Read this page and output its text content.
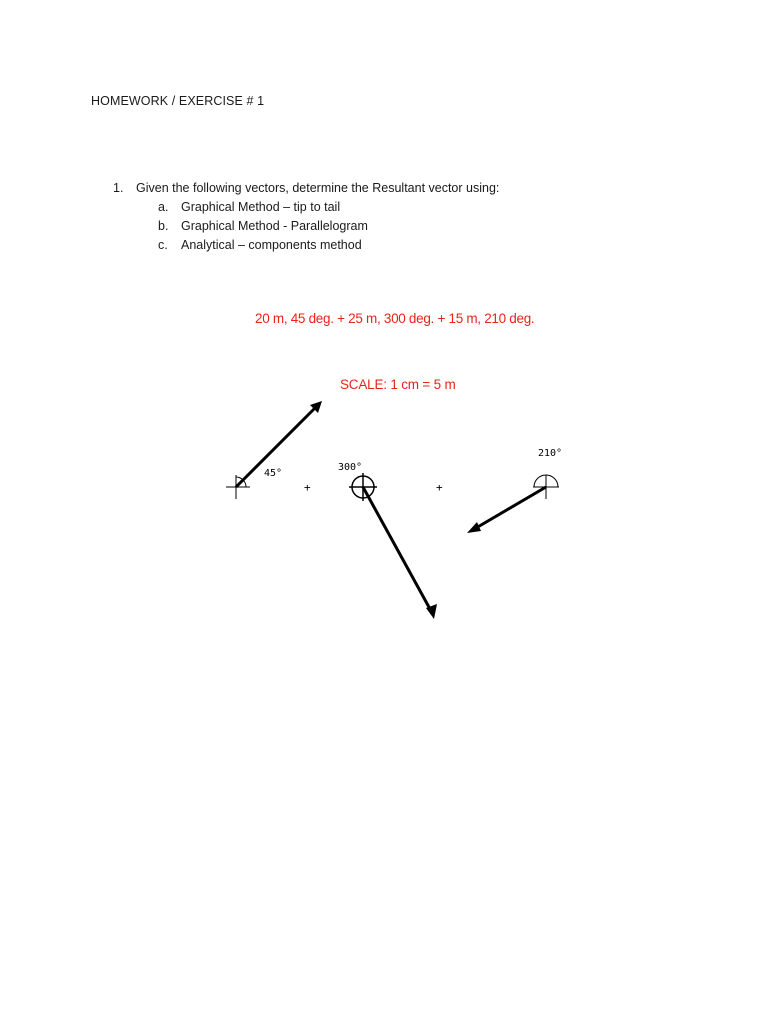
HOMEWORK / EXERCISE # 1
1. Given the following vectors, determine the Resultant vector using:
a. Graphical Method – tip to tail
b. Graphical Method - Parallelogram
c. Analytical – components method
20 m, 45 deg. + 25 m, 300 deg. + 15 m, 210 deg.
SCALE: 1 cm = 5 m
45°
+
300°
+
210°
